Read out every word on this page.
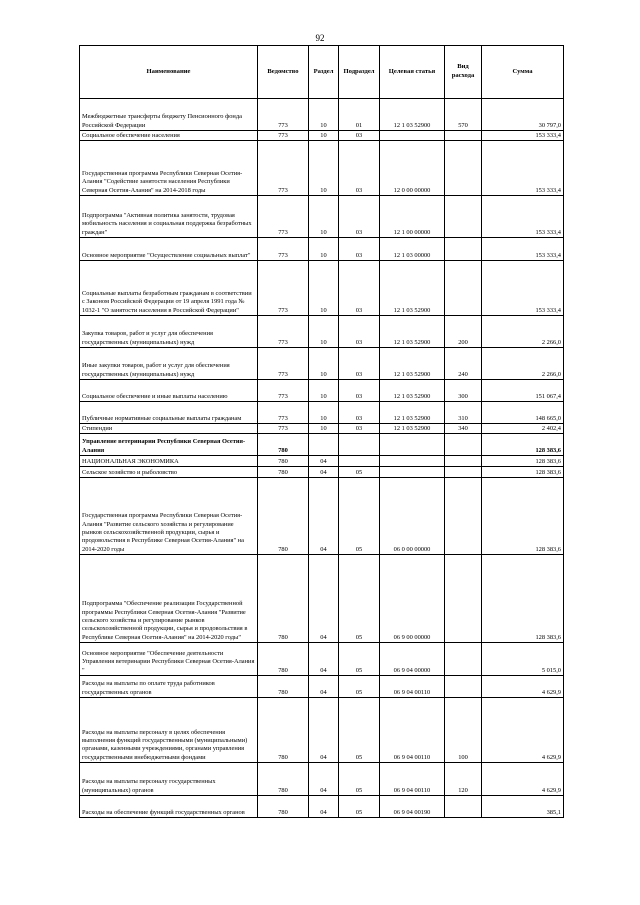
92
Наименование	Ведомство	Раздел	Подраздел	Целевая статья	Вид расхода	Сумма
Межбюджетные трансферты бюджету Пенсионного фонда Российской Федерации	773	10	01	12 1 03 52900	570	30 797,0
Социальное обеспечение населения	773	10	03			153 333,4
Государственная программа Республики Северная Осетия-Алания "Содействие занятости населения Республики Северная Осетия-Алания" на 2014-2018 годы	773	10	03	12 0 00 00000		153 333,4
Подпрограмма "Активная политика занятости, трудовая мобильность населения и социальная поддержка безработных граждан"	773	10	03	12 1 00 00000		153 333,4
Основное мероприятие "Осуществление социальных выплат"	773	10	03	12 1 03 00000		153 333,4
Социальные выплаты безработным гражданам в соответствии с Законом Российской Федерации от 19 апреля 1991 года № 1032-1 "О занятости населения в Российской Федерации"	773	10	03	12 1 03 52900		153 333,4
Закупка товаров, работ и услуг для обеспечения государственных (муниципальных) нужд	773	10	03	12 1 03 52900	200	2 266,0
Иные закупки товаров, работ и услуг для обеспечения государственных (муниципальных) нужд	773	10	03	12 1 03 52900	240	2 266,0
Социальное обеспечение и иные выплаты населению	773	10	03	12 1 03 52900	300	151 067,4
Публичные нормативные социальные выплаты гражданам	773	10	03	12 1 03 52900	310	148 665,0
Стипендии	773	10	03	12 1 03 52900	340	2 402,4
Управление ветеринарии Республики Северная Осетия-Алания	780					128 383,6
НАЦИОНАЛЬНАЯ ЭКОНОМИКА	780	04				128 383,6
Сельское хозяйство и рыболовство	780	04	05			128 383,6
Государственная программа Республики Северная Осетия-Алания "Развитие сельского хозяйства и регулирование рынков сельскохозяйственной продукции, сырья и продовольствия в Республике Северная Осетия-Алания" на 2014-2020 годы	780	04	05	06 0 00 00000		128 383,6
Подпрограмма "Обеспечение реализации Государственной программы Республики Северная Осетия-Алания "Развитие сельского хозяйства и регулирование рынков сельскохозяйственной продукции, сырья и продовольствия в Республике Северная Осетия-Алания" на 2014-2020 годы"	780	04	05	06 9 00 00000		128 383,6
Основное мероприятие "Обеспечение деятельности Управления ветеринарии Республики Северная Осетия-Алания "	780	04	05	06 9 04 00000		5 015,0
Расходы на выплаты по оплате труда работников государственных органов	780	04	05	06 9 04 00110		4 629,9
Расходы на выплаты персоналу в целях обеспечения выполнения функций государственными (муниципальными) органами, казенными учреждениями, органами управления государственными внебюджетными фондами	780	04	05	06 9 04 00110	100	4 629,9
Расходы на выплаты персоналу государственных (муниципальных) органов	780	04	05	06 9 04 00110	120	4 629,9
Расходы на обеспечение функций государственных органов	780	04	05	06 9 04 00190		385,1
